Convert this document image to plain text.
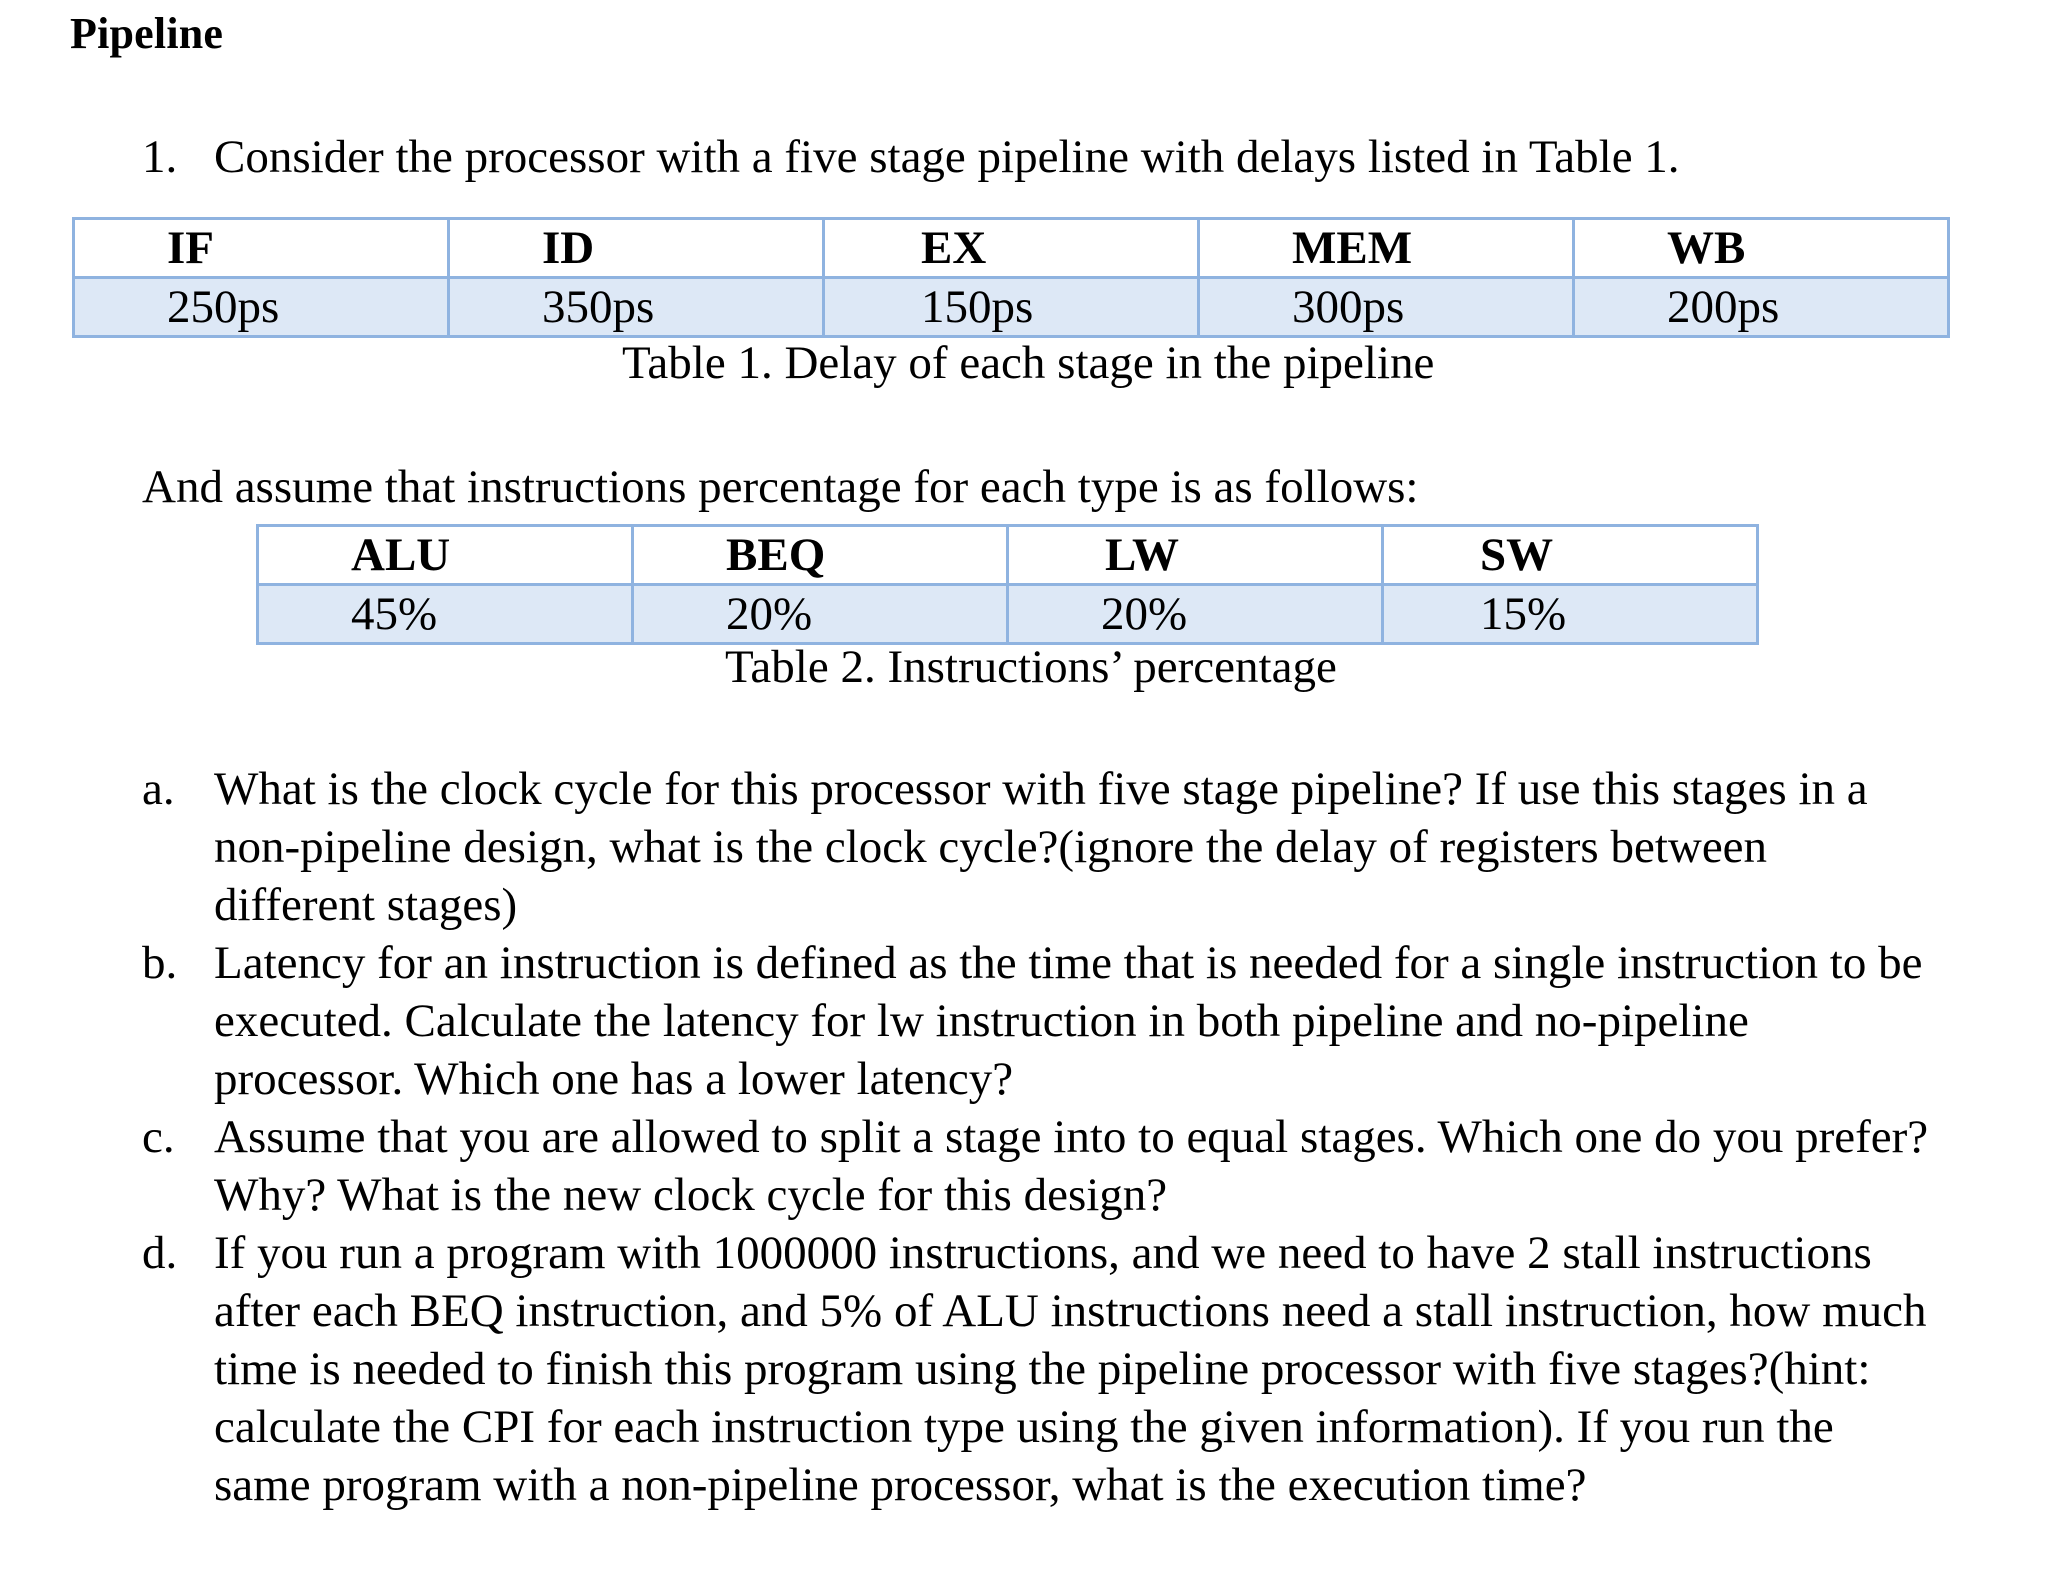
Pipeline
1. Consider the processor with a five stage pipeline with delays listed in Table 1.
IF	ID	EX	MEM	WB
250ps	350ps	150ps	300ps	200ps
Table 1. Delay of each stage in the pipeline
And assume that instructions percentage for each type is as follows:
ALU	BEQ	LW	SW
45%	20%	20%	15%
Table 2. Instructions’ percentage
a. What is the clock cycle for this processor with five stage pipeline? If use this stages in a non-pipeline design, what is the clock cycle?(ignore the delay of registers between different stages)
b. Latency for an instruction is defined as the time that is needed for a single instruction to be executed. Calculate the latency for lw instruction in both pipeline and no-pipeline processor. Which one has a lower latency?
c. Assume that you are allowed to split a stage into to equal stages. Which one do you prefer? Why? What is the new clock cycle for this design?
d. If you run a program with 1000000 instructions, and we need to have 2 stall instructions after each BEQ instruction, and 5% of ALU instructions need a stall instruction, how much time is needed to finish this program using the pipeline processor with five stages?(hint: calculate the CPI for each instruction type using the given information). If you run the same program with a non-pipeline processor, what is the execution time?
